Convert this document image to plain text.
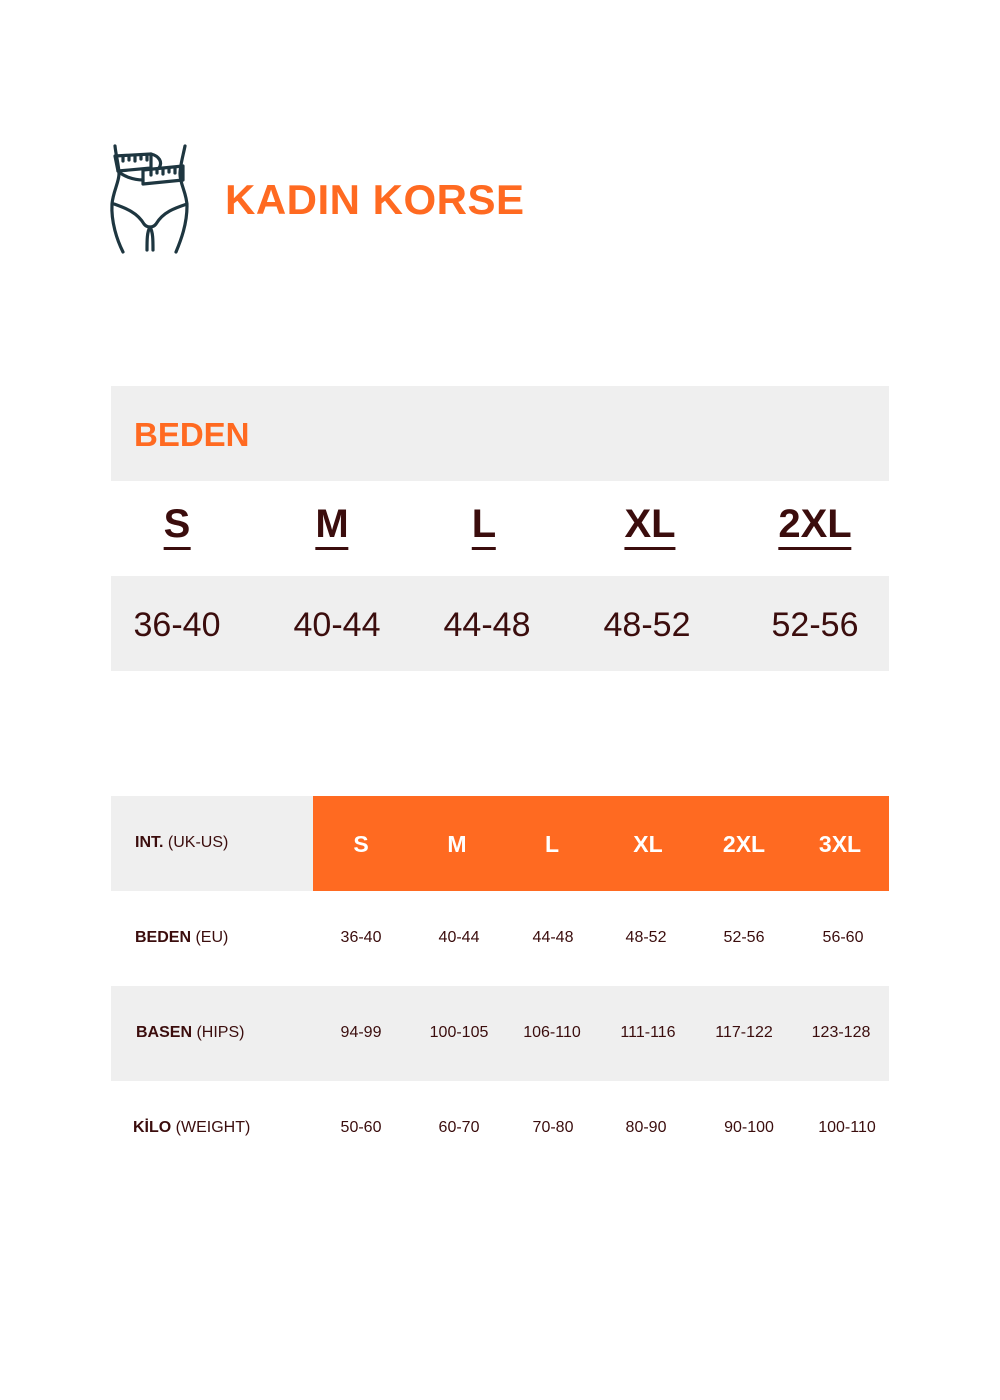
KADIN KORSE
BEDEN
S	M	L	XL	2XL
36-40 40-44 44-48 48-52 52-56
INT. (UK-US)	S	M	L	XL	2XL 3XL
BEDEN (EU)	36-40	40-44	44-48	48-52	52-56	56-60
BASEN (HIPS)	94-99	100-105 106-110 111-116 117-122 123-128
KİLO (WEIGHT)	50-60	60-70	70-80	80-90	90-100	100-110
